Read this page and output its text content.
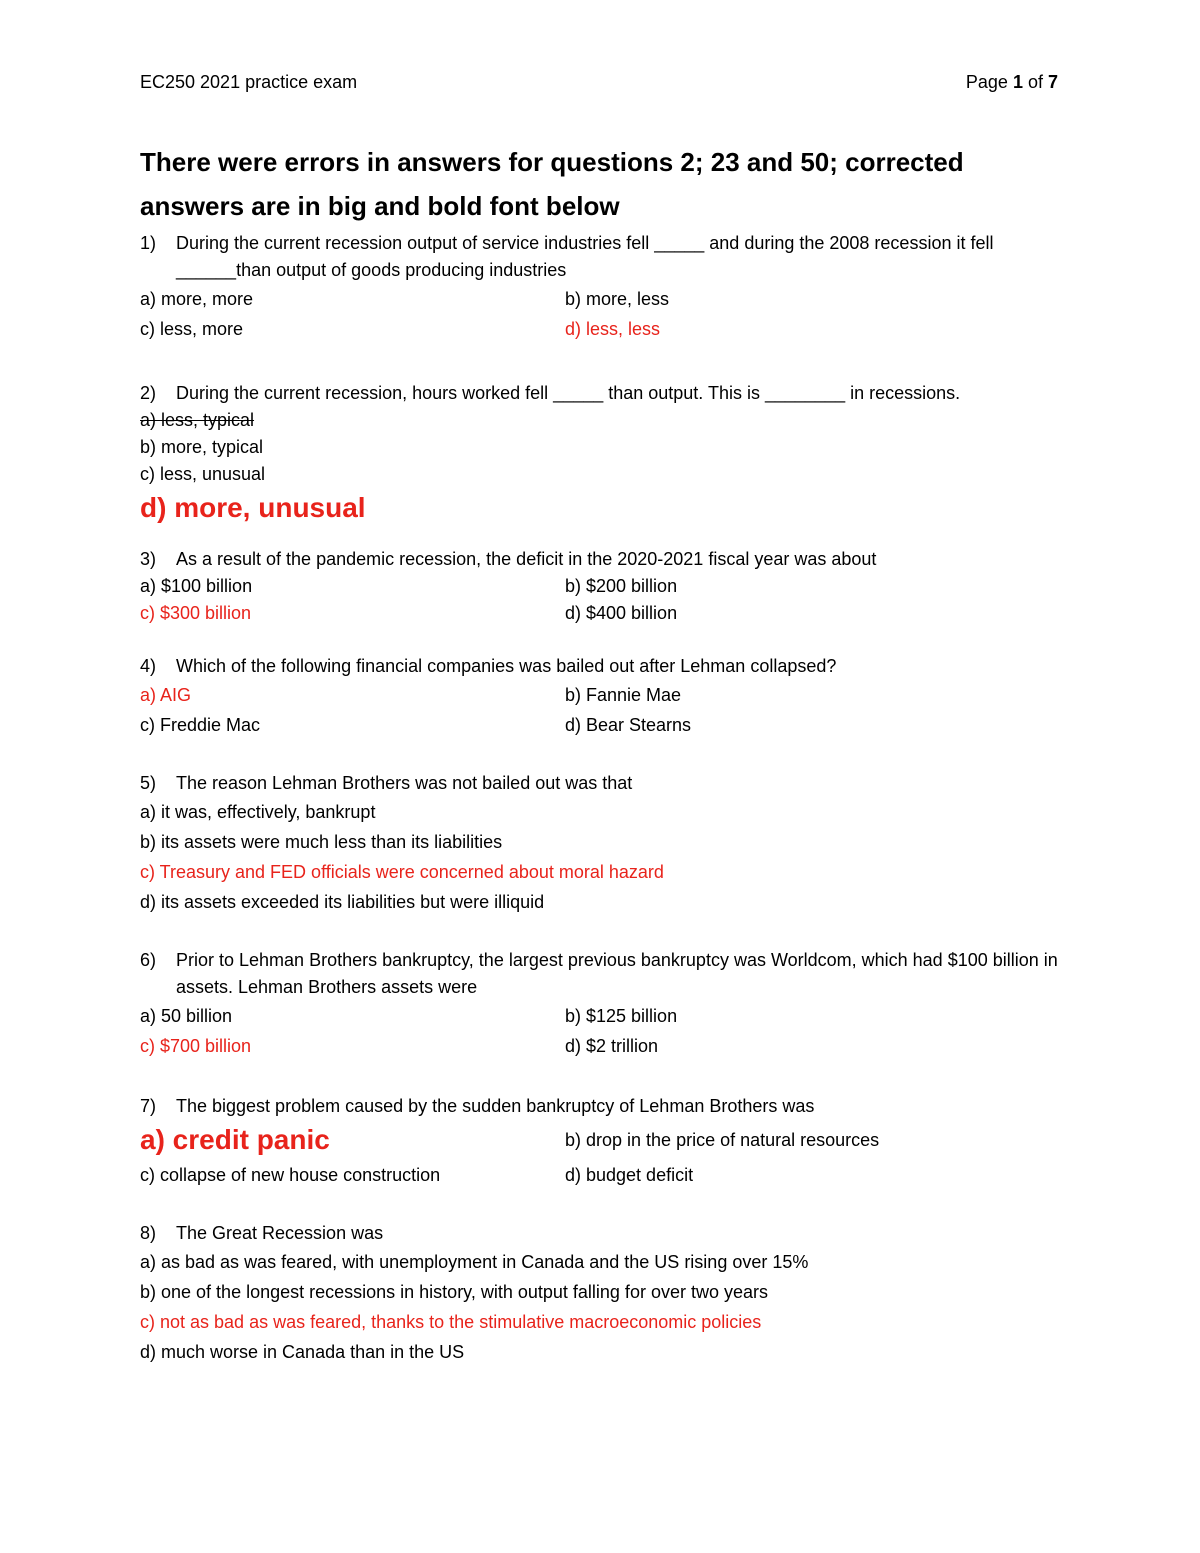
EC250 2021 practice exam	Page 1 of 7
There were errors in answers for questions 2; 23 and 50; corrected answers are in big and bold font below
1)	During the current recession output of service industries fell _____ and during the 2008 recession it fell ______than output of goods producing industries
a) more, more	b) more, less
c) less, more	d) less, less
2)	During the current recession, hours worked fell _____ than output. This is ________ in recessions.
a) less, typical
b) more, typical
c) less, unusual
d) more, unusual
3)	As a result of the pandemic recession, the deficit in the 2020-2021 fiscal year was about
a) $100 billion	b) $200 billion
c) $300 billion	d) $400 billion
4)	Which of the following financial companies was bailed out after Lehman collapsed?
a) AIG	b) Fannie Mae
c) Freddie Mac	d) Bear Stearns
5)	The reason Lehman Brothers was not bailed out was that
a) it was, effectively, bankrupt
b) its assets were much less than its liabilities
c) Treasury and FED officials were concerned about moral hazard
d) its assets exceeded its liabilities but were illiquid
6)	Prior to Lehman Brothers bankruptcy, the largest previous bankruptcy was Worldcom, which had $100 billion in assets. Lehman Brothers assets were
a) 50 billion	b) $125 billion
c) $700 billion	d) $2 trillion
7)	The biggest problem caused by the sudden bankruptcy of Lehman Brothers was
a) credit panic	b) drop in the price of natural resources
c) collapse of new house construction	d) budget deficit
8)	The Great Recession was
a) as bad as was feared, with unemployment in Canada and the US rising over 15%
b) one of the longest recessions in history, with output falling for over two years
c) not as bad as was feared, thanks to the stimulative macroeconomic policies
d) much worse in Canada than in the US
